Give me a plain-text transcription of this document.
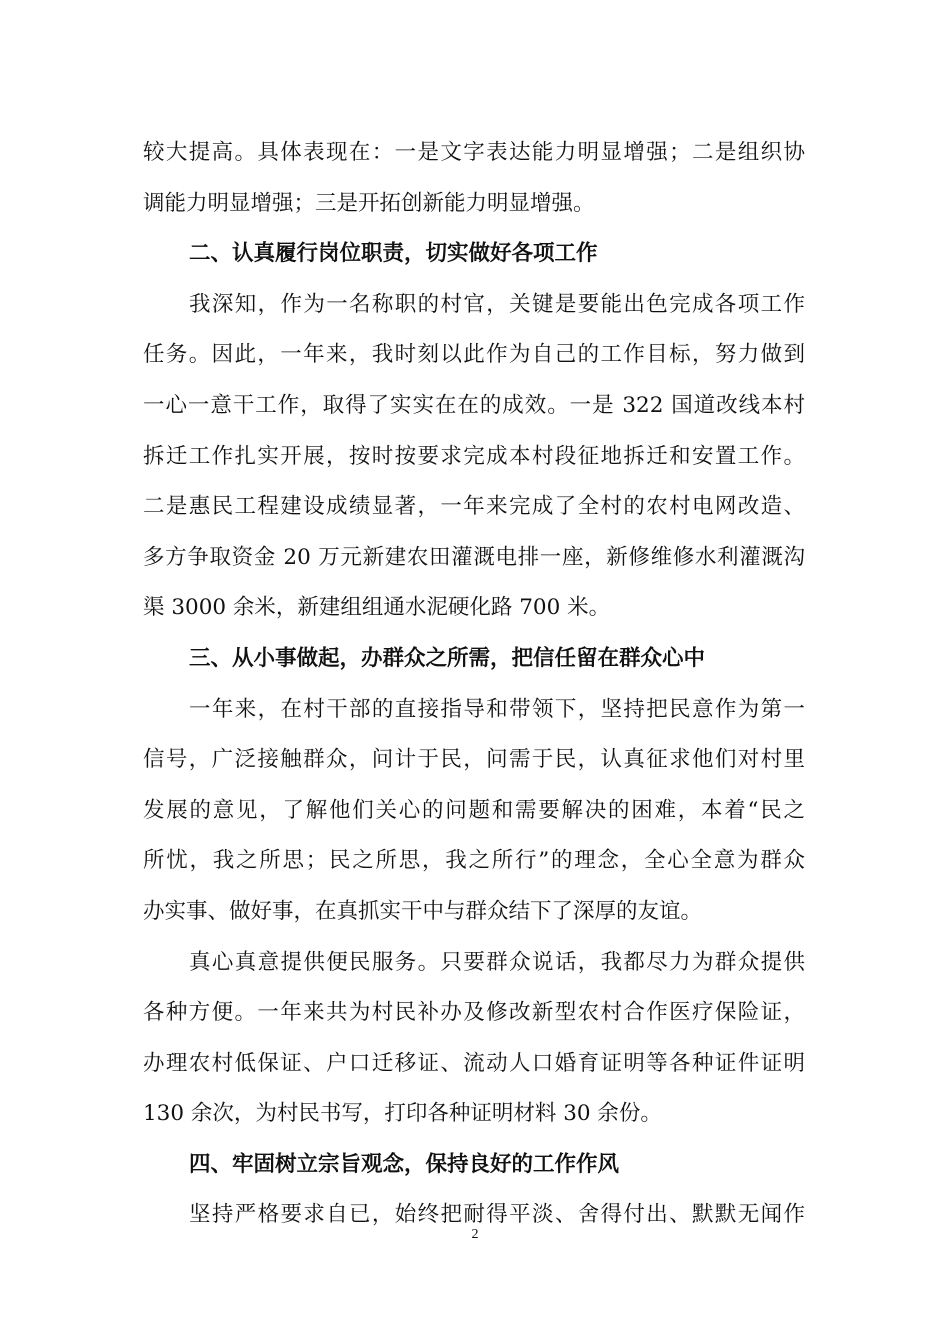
较大提高。具体表现在：一是文字表达能力明显增强；二是组织协
调能力明显增强；三是开拓创新能力明显增强。
二、认真履行岗位职责，切实做好各项工作
我深知，作为一名称职的村官，关键是要能出色完成各项工作
任务。因此，一年来，我时刻以此作为自己的工作目标，努力做到
一心一意干工作，取得了实实在在的成效。一是 322 国道改线本村
拆迁工作扎实开展，按时按要求完成本村段征地拆迁和安置工作。
二是惠民工程建设成绩显著，一年来完成了全村的农村电网改造、
多方争取资金 20 万元新建农田灌溉电排一座，新修维修水利灌溉沟
渠 3000 余米，新建组组通水泥硬化路 700 米。
三、从小事做起，办群众之所需，把信任留在群众心中
一年来，在村干部的直接指导和带领下，坚持把民意作为第一
信号，广泛接触群众，问计于民，问需于民，认真征求他们对村里
发展的意见，了解他们关心的问题和需要解决的困难，本着“民之
所忧，我之所思；民之所思，我之所行”的理念，全心全意为群众
办实事、做好事，在真抓实干中与群众结下了深厚的友谊。
真心真意提供便民服务。只要群众说话，我都尽力为群众提供
各种方便。一年来共为村民补办及修改新型农村合作医疗保险证，
办理农村低保证、户口迁移证、流动人口婚育证明等各种证件证明
130 余次，为村民书写，打印各种证明材料 30 余份。
四、牢固树立宗旨观念，保持良好的工作作风
坚持严格要求自已，始终把耐得平淡、舍得付出、默默无闻作
2
